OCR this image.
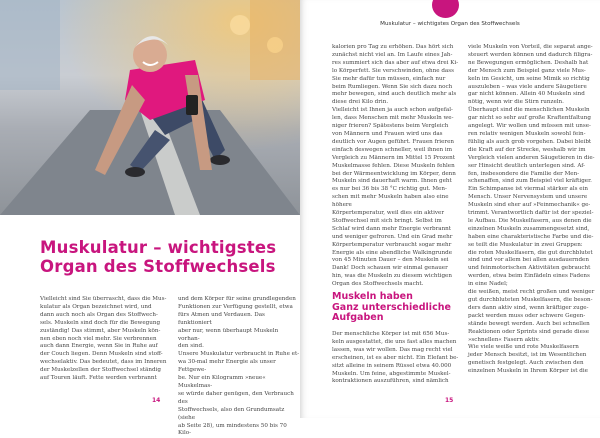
Muskulatur – wichtigstes
Organ des Stoffwechsels
Vielleicht sind Sie überrascht, dass die Mus-
kulatur als Organ bezeichnet wird, und
dann auch noch als Organ des Stoffwech-
sels. Muskeln sind doch für die Bewegung
zuständig! Das stimmt, aber Muskeln kön-
nen eben noch viel mehr. Sie verbrennen
auch dann Energie, wenn Sie in Ruhe auf
der Couch liegen. Denn Muskeln sind stoff-
wechselaktiv. Das bedeutet, dass im Inneren
der Muskelzellen der Stoffwechsel ständig
auf Touren läuft. Fette werden verbrannt
und dem Körper für seine grundlegenden
Funktionen zur Verfügung gestellt, etwa
fürs Atmen und Verdauen. Das funktioniert
aber nur, wenn überhaupt Muskeln vorhan-
den sind.
Unsere Muskulatur verbraucht in Ruhe et-
wa 30-mal mehr Energie als unser Fettgewe-
be. Nur ein Kilogramm »neue« Muskelmas-
se würde daher genügen, den Verbrauch des
Stoffwechsels, also den Grundumsatz (siehe
ab Seite 28), um mindestens 50 bis 70 Kilo-
14
Muskulatur – wichtigstes Organ des Stoffwechsels
kalorien pro Tag zu erhöhen. Das hört sich
zunächst nicht viel an. Im Laufe eines Jah-
res summiert sich das aber auf etwa drei Ki-
lo Körperfett. Sie verschwinden, ohne dass
Sie mehr dafür tun müssen, einfach nur
beim Rumliegen. Wenn Sie sich dazu noch
mehr bewegen, sind auch deutlich mehr als
diese drei Kilo drin.
Vielleicht ist Ihnen ja auch schon aufgefal-
len, dass Menschen mit mehr Muskeln we-
niger frieren? Spätestens beim Vergleich
von Männern und Frauen wird uns das
deutlich vor Augen geführt. Frauen frieren
einfach deswegen schneller, weil ihnen im
Vergleich zu Männern im Mittel 15 Prozent
Muskelmasse fehlen. Diese Muskeln fehlen
bei der Wärmeentwicklung im Körper, denn
Muskeln sind dauerhaft warm. Ihnen geht
es nur bei 36 bis 38 °C richtig gut. Men-
schen mit mehr Muskeln haben also eine höhere
Körpertemperatur, weil dies ein aktiver
Stoffwechsel mit sich bringt. Selbst im
Schlaf wird dann mehr Energie verbrannt
und weniger gefroren. Und ein Grad mehr
Körpertemperatur verbraucht sogar mehr
Energie als eine abendliche Walkingrunde
von 45 Minuten Dauer – den Muskeln sei
Dank! Doch schauen wir einmal genauer
hin, was die Muskeln zu diesem wichtigen
Organ des Stoffwechsels macht.
Muskeln haben
Ganz unterschiedliche
Aufgaben
Der menschliche Körper ist mit 656 Mus-
keln ausgestattet, die uns fast alles machen
lassen, was wir wollen. Das mag recht viel
erscheinen, ist es aber nicht. Ein Elefant be-
sitzt alleine in seinem Rüssel etwa 40.000
Muskeln. Um feine, abgestimmte Muskel-
kontraktionen auszuführen, sind nämlich
viele Muskeln von Vorteil, die separat ange-
steuert werden können und dadurch filigra-
ne Bewegungen ermöglichen. Deshalb hat
der Mensch zum Beispiel ganz viele Mus-
keln im Gesicht, um seine Mimik so richtig
auszuleben – was viele andere Säugetiere
gar nicht können. Allein 40 Muskeln sind
nötig, wenn wir die Stirn runzeln.
Überhaupt sind die menschlichen Muskeln
gar nicht so sehr auf große Kraftentfaltung
angelegt. Wir wollen und müssen mit unse-
ren relativ wenigen Muskeln sowohl fein-
fühlig als auch grob vorgehen. Dabei bleibt
die Kraft auf der Strecke, weshalb wir im
Vergleich vielen anderen Säugetieren in die-
ser Hinsicht deutlich unterlegen sind. Af-
fen, insbesondere die Familie der Men-
schenaffen, sind zum Beispiel viel kräftiger.
Ein Schimpanse ist viermal stärker als ein
Mensch. Unser Nervensystem und unsere
Muskeln sind eher auf »Feinmechanik« ge-
trimmt. Verantwortlich dafür ist der speziel-
le Aufbau. Die Muskelfasern, aus denen die
einzelnen Muskeln zusammengesetzt sind,
haben eine charakteristische Farbe und die-
se teilt die Muskulatur in zwei Gruppen:
die roten Muskelfasern, die gut durchblutet
sind und vor allem bei allen ausdauernden
und feinmotorischen Aktivitäten gebraucht
werden, etwa beim Einfädeln eines Fadens
in eine Nadel;
die weißen, meist recht großen und weniger
gut durchbluteten Muskelfasern, die beson-
ders dann aktiv sind, wenn kräftiger zuge-
packt werden muss oder schwere Gegen-
stände bewegt werden. Auch bei schnellen
Reaktionen oder Sprints sind gerade diese
»schnellen« Fasern aktiv.
Wie viele weiße und rote Muskelfasern
jeder Mensch besitzt, ist im Wesentlichen
genetisch festgelegt. Auch zwischen den
einzelnen Muskeln in Ihrem Körper ist die
15
